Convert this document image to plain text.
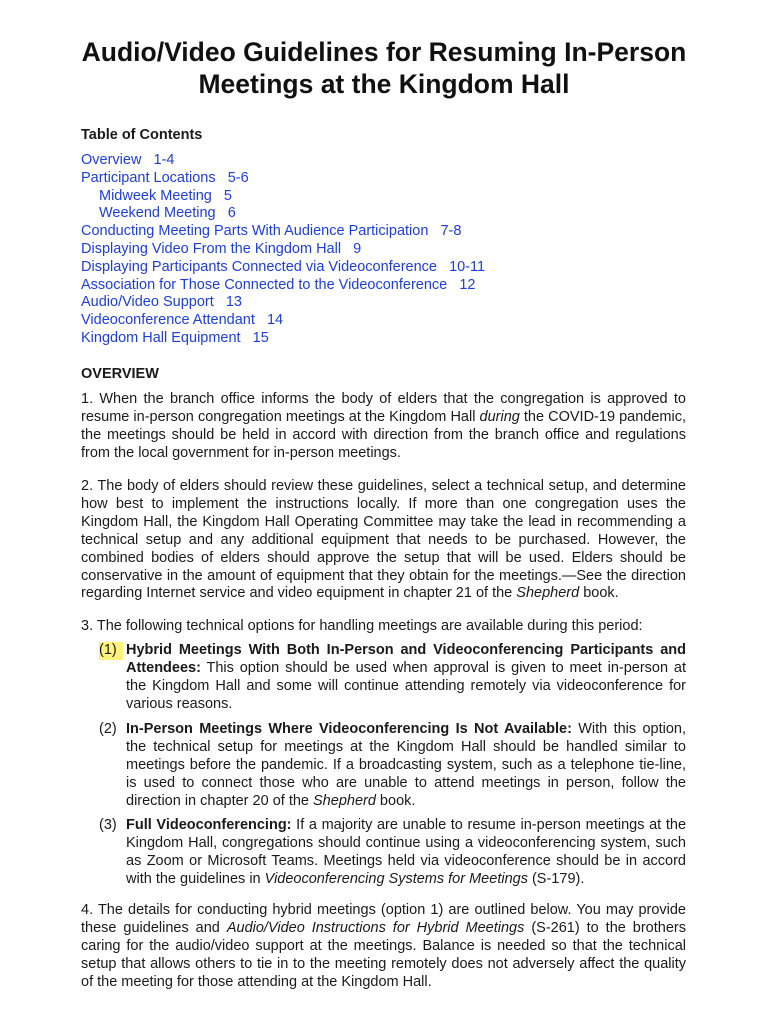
Audio/Video Guidelines for Resuming In-Person
Meetings at the Kingdom Hall
Table of Contents
Overview   1-4
Participant Locations   5-6
Midweek Meeting   5
Weekend Meeting   6
Conducting Meeting Parts With Audience Participation   7-8
Displaying Video From the Kingdom Hall   9
Displaying Participants Connected via Videoconference   10-11
Association for Those Connected to the Videoconference   12
Audio/Video Support   13
Videoconference Attendant   14
Kingdom Hall Equipment   15
OVERVIEW

1. When the branch office informs the body of elders that the congregation is approved to resume in-person congregation meetings at the Kingdom Hall during the COVID-19 pandemic, the meetings should be held in accord with direction from the branch office and regulations from the local government for in-person meetings.

2. The body of elders should review these guidelines, select a technical setup, and determine how best to implement the instructions locally. If more than one congregation uses the Kingdom Hall, the Kingdom Hall Operating Committee may take the lead in recommending a technical setup and any additional equipment that needs to be purchased. However, the combined bodies of elders should approve the setup that will be used. Elders should be conservative in the amount of equipment that they obtain for the meetings.—See the direction regarding Internet service and video equipment in chapter 21 of the Shepherd book.

3. The following technical options for handling meetings are available during this period:

(1) Hybrid Meetings With Both In-Person and Videoconferencing Participants and Attendees: This option should be used when approval is given to meet in-person at the Kingdom Hall and some will continue attending remotely via videoconference for various reasons.
(2) In-Person Meetings Where Videoconferencing Is Not Available: With this option, the technical setup for meetings at the Kingdom Hall should be handled similar to meetings before the pandemic. If a broadcasting system, such as a telephone tie-line, is used to connect those who are unable to attend meetings in person, follow the direction in chapter 20 of the Shepherd book.
(3) Full Videoconferencing: If a majority are unable to resume in-person meetings at the Kingdom Hall, congregations should continue using a videoconferencing system, such as Zoom or Microsoft Teams. Meetings held via videoconference should be in accord with the guidelines in Videoconferencing Systems for Meetings (S-179).

4. The details for conducting hybrid meetings (option 1) are outlined below. You may provide these guidelines and Audio/Video Instructions for Hybrid Meetings (S-261) to the brothers caring for the audio/video support at the meetings. Balance is needed so that the technical setup that allows others to tie in to the meeting remotely does not adversely affect the quality of the meeting for those attending at the Kingdom Hall.
